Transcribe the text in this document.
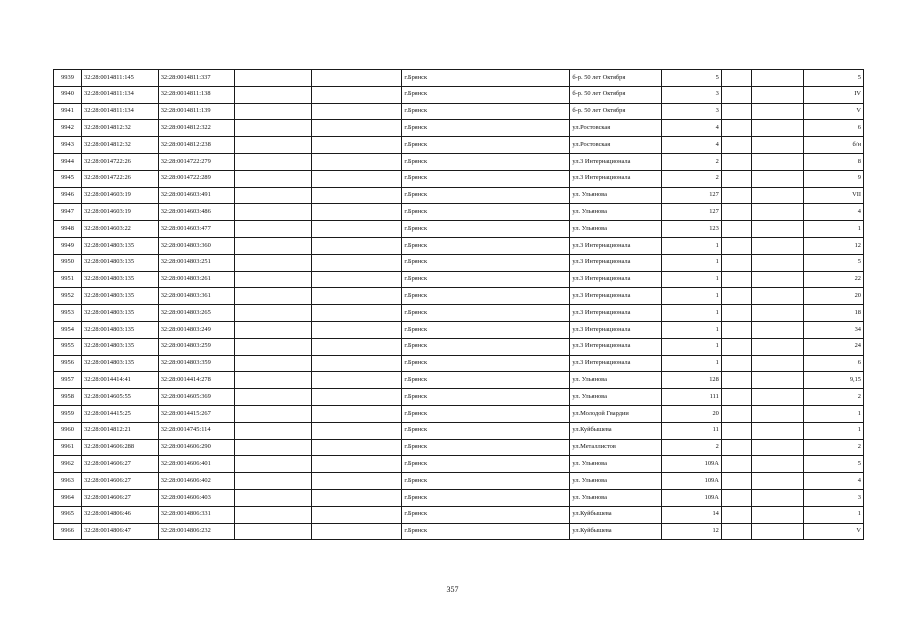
9939	32:28:0014811:145	32:28:0014811:337			г.Брянск	б-р. 50 лет Октября	5			5
9940	32:28:0014811:134	32:28:0014811:138			г.Брянск	б-р. 50 лет Октября	3			IV
9941	32:28:0014811:134	32:28:0014811:139			г.Брянск	б-р. 50 лет Октября	3			V
9942	32:28:0014812:32	32:28:0014812:322			г.Брянск	ул.Ростовская	4			6
9943	32:28:0014812:32	32:28:0014812:238			г.Брянск	ул.Ростовская	4			б/н
9944	32:28:0014722:26	32:28:0014722:279			г.Брянск	ул.3 Интернационала	2			8
9945	32:28:0014722:26	32:28:0014722:289			г.Брянск	ул.3 Интернационала	2			9
9946	32:28:0014603:19	32:28:0014603:491			г.Брянск	ул. Ульянова	127			VII
9947	32:28:0014603:19	32:28:0014603:486			г.Брянск	ул. Ульянова	127			4
9948	32:28:0014603:22	32:28:0014603:477			г.Брянск	ул. Ульянова	123			1
9949	32:28:0014803:135	32:28:0014803:360			г.Брянск	ул.3 Интернационала	1			12
9950	32:28:0014803:135	32:28:0014803:251			г.Брянск	ул.3 Интернационала	1			5
9951	32:28:0014803:135	32:28:0014803:261			г.Брянск	ул.3 Интернационала	1			22
9952	32:28:0014803:135	32:28:0014803:361			г.Брянск	ул.3 Интернационала	1			20
9953	32:28:0014803:135	32:28:0014803:265			г.Брянск	ул.3 Интернационала	1			18
9954	32:28:0014803:135	32:28:0014803:249			г.Брянск	ул.3 Интернационала	1			34
9955	32:28:0014803:135	32:28:0014803:259			г.Брянск	ул.3 Интернационала	1			24
9956	32:28:0014803:135	32:28:0014803:359			г.Брянск	ул.3 Интернационала	1			6
9957	32:28:0014414:41	32:28:0014414:278			г.Брянск	ул. Ульянова	128			9,15
9958	32:28:0014605:55	32:28:0014605:369			г.Брянск	ул. Ульянова	111			2
9959	32:28:0014415:25	32:28:0014415:267			г.Брянск	ул.Молодой Гвардии	20			1
9960	32:28:0014812:21	32:28:0014745:114			г.Брянск	ул.Куйбышева	11			1
9961	32:28:0014606:288	32:28:0014606:290			г.Брянск	ул.Металлистов	2			2
9962	32:28:0014606:27	32:28:0014606:401			г.Брянск	ул. Ульянова	109А			5
9963	32:28:0014606:27	32:28:0014606:402			г.Брянск	ул. Ульянова	109А			4
9964	32:28:0014606:27	32:28:0014606:403			г.Брянск	ул. Ульянова	109А			3
9965	32:28:0014806:46	32:28:0014806:331			г.Брянск	ул.Куйбышева	14			1
9966	32:28:0014806:47	32:28:0014806:232			г.Брянск	ул.Куйбышева	12			V
357
